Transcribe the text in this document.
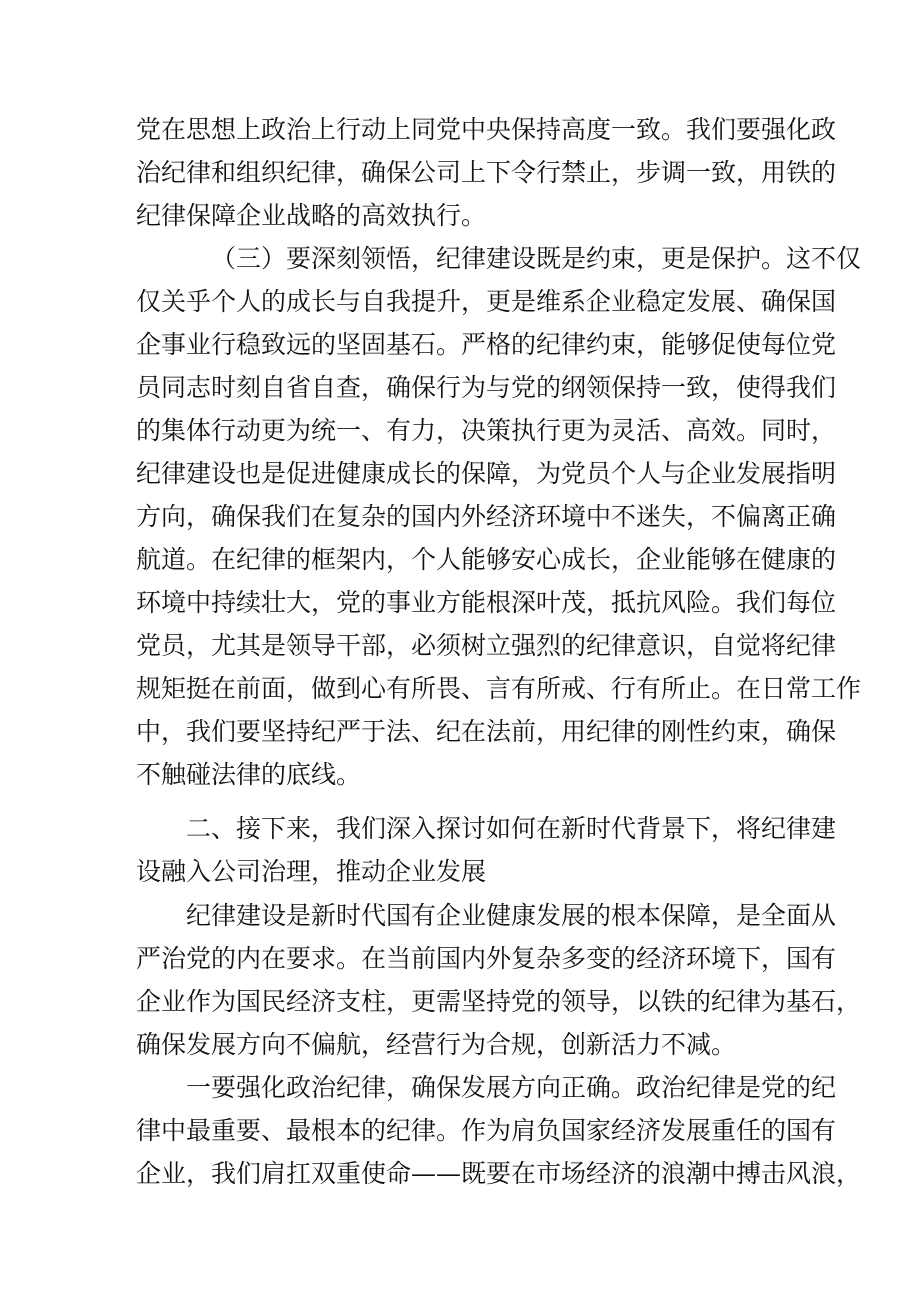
党在思想上政治上行动上同党中央保持高度一致。我们要强化政
治纪律和组织纪律，确保公司上下令行禁止，步调一致，用铁的
纪律保障企业战略的高效执行。
（三）要深刻领悟，纪律建设既是约束，更是保护。这不仅
仅关乎个人的成长与自我提升，更是维系企业稳定发展、确保国
企事业行稳致远的坚固基石。严格的纪律约束，能够促使每位党
员同志时刻自省自查，确保行为与党的纲领保持一致，使得我们
的集体行动更为统一、有力，决策执行更为灵活、高效。同时，
纪律建设也是促进健康成长的保障，为党员个人与企业发展指明
方向，确保我们在复杂的国内外经济环境中不迷失，不偏离正确
航道。在纪律的框架内，个人能够安心成长，企业能够在健康的
环境中持续壮大，党的事业方能根深叶茂，抵抗风险。我们每位
党员，尤其是领导干部，必须树立强烈的纪律意识，自觉将纪律
规矩挺在前面，做到心有所畏、言有所戒、行有所止。在日常工作
中，我们要坚持纪严于法、纪在法前，用纪律的刚性约束，确保
不触碰法律的底线。
二、接下来，我们深入探讨如何在新时代背景下，将纪律建
设融入公司治理，推动企业发展
纪律建设是新时代国有企业健康发展的根本保障，是全面从
严治党的内在要求。在当前国内外复杂多变的经济环境下，国有
企业作为国民经济支柱，更需坚持党的领导，以铁的纪律为基石，
确保发展方向不偏航，经营行为合规，创新活力不减。
一要强化政治纪律，确保发展方向正确。政治纪律是党的纪
律中最重要、最根本的纪律。作为肩负国家经济发展重任的国有
企业，我们肩扛双重使命——既要在市场经济的浪潮中搏击风浪，
